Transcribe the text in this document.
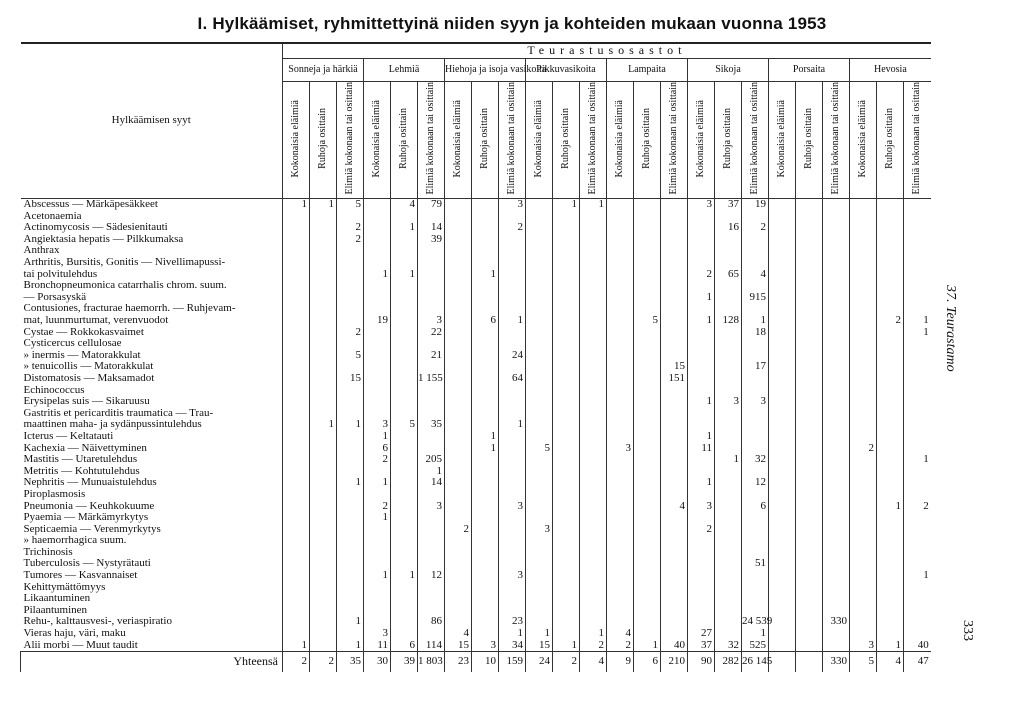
I. Hylkäämiset, ryhmittettyinä niiden syyn ja kohteiden mukaan vuonna 1953
Hylkäämisen syyt	Teurastusosastot																							
	Sonneja ja härkiä			Lehmiä			Hiehoja ja isoja vasikoita			Pikkuvasikoita			Lampaita			Sikoja			Porsaita			Hevosia		
	Kokonaisia eläimiä	Ruhoja osittain	Elimiä kokonaan tai osittain	Kokonaisia eläimiä	Ruhoja osittain	Elimiä kokonaan tai osittain	Kokonaisia eläimiä	Ruhoja osittain	Elimiä kokonaan tai osittain	Kokonaisia eläimiä	Ruhoja osittain	Elimiä kokonaan tai osittain	Kokonaisia eläimiä	Ruhoja osittain	Elimiä kokonaan tai osittain	Kokonaisia eläimiä	Ruhoja osittain	Elimiä kokonaan tai osittain	Kokonaisia eläimiä	Ruhoja osittain	Elimiä kokonaan tai osittain	Kokonaisia eläimiä	Ruhoja osittain	Elimiä kokonaan tai osittain
Abscessus — Märkäpesäkkeet	1	1	5		4	79			3		1	1				3	37	19						
Acetonaemia																								
Actinomycosis — Sädesienitauti			2		1	14			2								16	2						
Angiektasia hepatis — Pilkkumaksa			2			39																		
Anthrax																								
Arthritis, Bursitis, Gonitis — Nivellimapussi-																								
tai polvitulehdus				1	1			1								2	65	4						
Bronchopneumonica catarrhalis chrom. suum.																								
— Porsasyskä																1		915						
Contusiones, fracturae haemorrh. — Ruhjevam-																								
mat, luunmurtumat, verenvuodot				19		3		6	1					5		1	128	1					2	1
Cystae — Rokkokasvaimet			2			22												18						1
Cysticercus cellulosae																								
» inermis — Matorakkulat			5			21			24															
» tenuicollis — Matorakkulat															15			17						
Distomatosis — Maksamadot			15			1 155			64						151									
Echinococcus																								
Erysipelas suis — Sikaruusu																1	3	3						
Gastritis et pericarditis traumatica — Trau-																								
maattinen maha- ja sydänpussintulehdus		1	1	3	5	35			1															
Icterus — Keltatauti				1				1								1								
Kachexia — Näivettyminen				6				1		5			3			11						2		
Mastitis — Utaretulehdus				2		205											1	32						1
Metritis — Kohtutulehdus						1																		
Nephritis — Munuaistulehdus			1	1		14										1		12						
Piroplasmosis																								
Pneumonia — Keuhkokuume				2		3			3						4	3		6					1	2
Pyaemia — Märkämyrkytys				1																				
Septicaemia — Verenmyrkytys							2			3						2								
» haemorrhagica suum.																								
Trichinosis																								
Tuberculosis — Nystyrätauti																		51						
Tumores — Kasvannaiset				1	1	12			3															1
Kehittymättömyys																								
Likaantuminen																								
Pilaantuminen																								
Rehu-, kalttausvesi-, veriaspiratio			1			86			23									24 539			330			
Vieras haju, väri, maku				3			4		1	1		1	4			27		1						
Alii morbi — Muut taudit	1		1	11	6	114	15	3	34	15	1	2	2	1	40	37	32	525				3	1	40
Yhteensä	2	2	35	30	39	1 803	23	10	159	24	2	4	9	6	210	90	282	26 145			330	5	4	47
37. Teurastamo
333
